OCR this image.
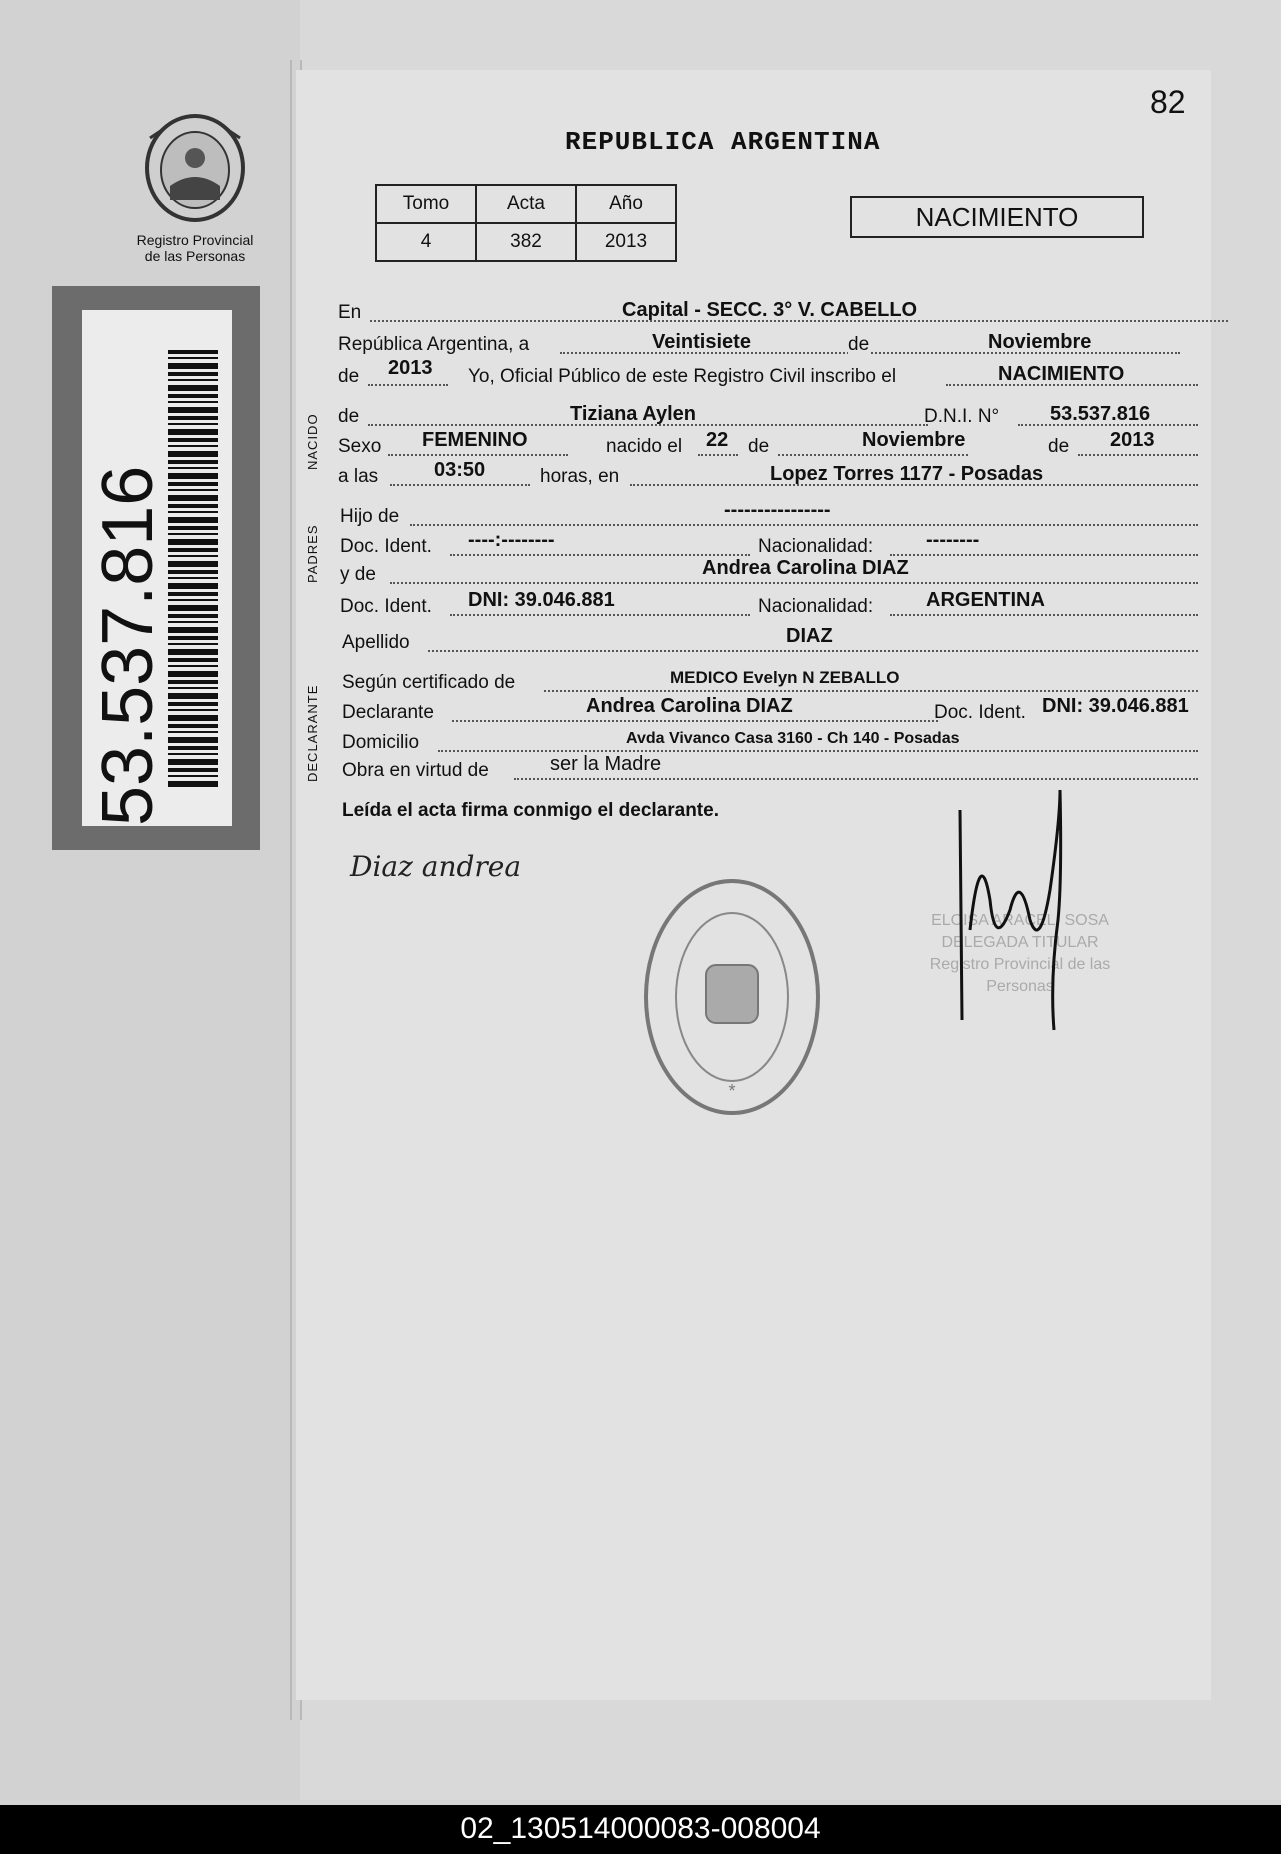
82
REPUBLICA ARGENTINA
Registro Provincial
de las Personas
53.537.816
Tomo	Acta	Año
4	382	2013
NACIMIENTO
NACIDO
PADRES
DECLARANTE
En	Capital - SECC. 3° V. CABELLO
República Argentina, a	Veintisiete	de	Noviembre
de 2013 Yo, Oficial Público de este Registro Civil inscribo el	NACIMIENTO
de	Tiziana Aylen	D.N.I. N°	53.537.816
Sexo FEMENINO	nacido el 22 de	Noviembre	de 2013
a las	03:50	horas, en	Lopez Torres 1177 - Posadas
Hijo de	----------------
Doc. Ident. ----:--------	Nacionalidad:	--------
y de	Andrea Carolina DIAZ
Doc. Ident. DNI: 39.046.881	Nacionalidad:	ARGENTINA
Apellido	DIAZ
Según certificado de	MEDICO Evelyn N ZEBALLO
Declarante	Andrea Carolina DIAZ	Doc. Ident. DNI: 39.046.881
Domicilio	Avda Vivanco Casa 3160 - Ch 140 - Posadas
Obra en virtud de	ser la Madre
Leída el acta firma conmigo el declarante.
Diaz andrea
*
ELOISA ARACELI SOSA
DELEGADA TITULAR
Registro Provincial de las Personas
02_130514000083-008004
